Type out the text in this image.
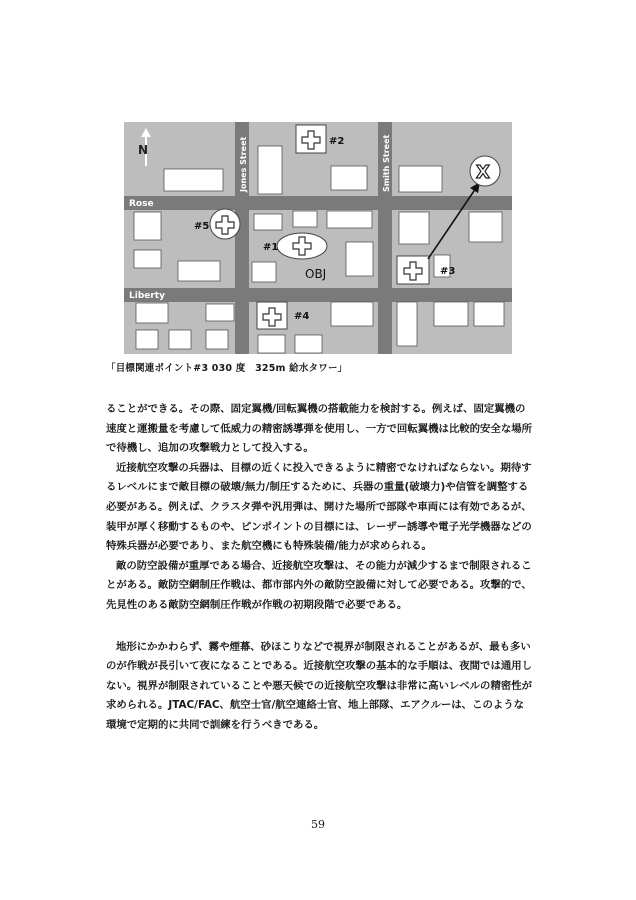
Rose
Liberty
Jones Street	Smith Street
N
#2
#5
#1
OBJ	#3
#4
X
「目標関連ポイント#3 030 度　325m 給水タワー」

ることができる。その際、固定翼機/回転翼機の搭載能力を検討する。例えば、固定翼機の速度と運搬量を考慮して低威力の精密誘導弾を使用し、一方で回転翼機は比較的安全な場所で待機し、追加の攻撃戦力として投入する。

近接航空攻撃の兵器は、目標の近くに投入できるように精密でなければならない。期待するレベルにまで敵目標の破壊/無力/制圧するために、兵器の重量(破壊力)や信管を調整する必要がある。例えば、クラスタ弾や汎用弾は、開けた場所で部隊や車両には有効であるが、装甲が厚く移動するものや、ピンポイントの目標には、レーザー誘導や電子光学機器などの特殊兵器が必要であり、また航空機にも特殊装備/能力が求められる。

敵の防空設備が重厚である場合、近接航空攻撃は、その能力が減少するまで制限されることがある。敵防空網制圧作戦は、都市部内外の敵防空設備に対して必要である。攻撃的で、先見性のある敵防空網制圧作戦が作戦の初期段階で必要である。

地形にかかわらず、霧や煙幕、砂ほこりなどで視界が制限されることがあるが、最も多いのが作戦が長引いて夜になることである。近接航空攻撃の基本的な手順は、夜間では通用しない。視界が制限されていることや悪天候での近接航空攻撃は非常に高いレベルの精密性が求められる。JTAC/FAC、航空士官/航空連絡士官、地上部隊、エアクルーは、このような環境で定期的に共同で訓練を行うべきである。

59
